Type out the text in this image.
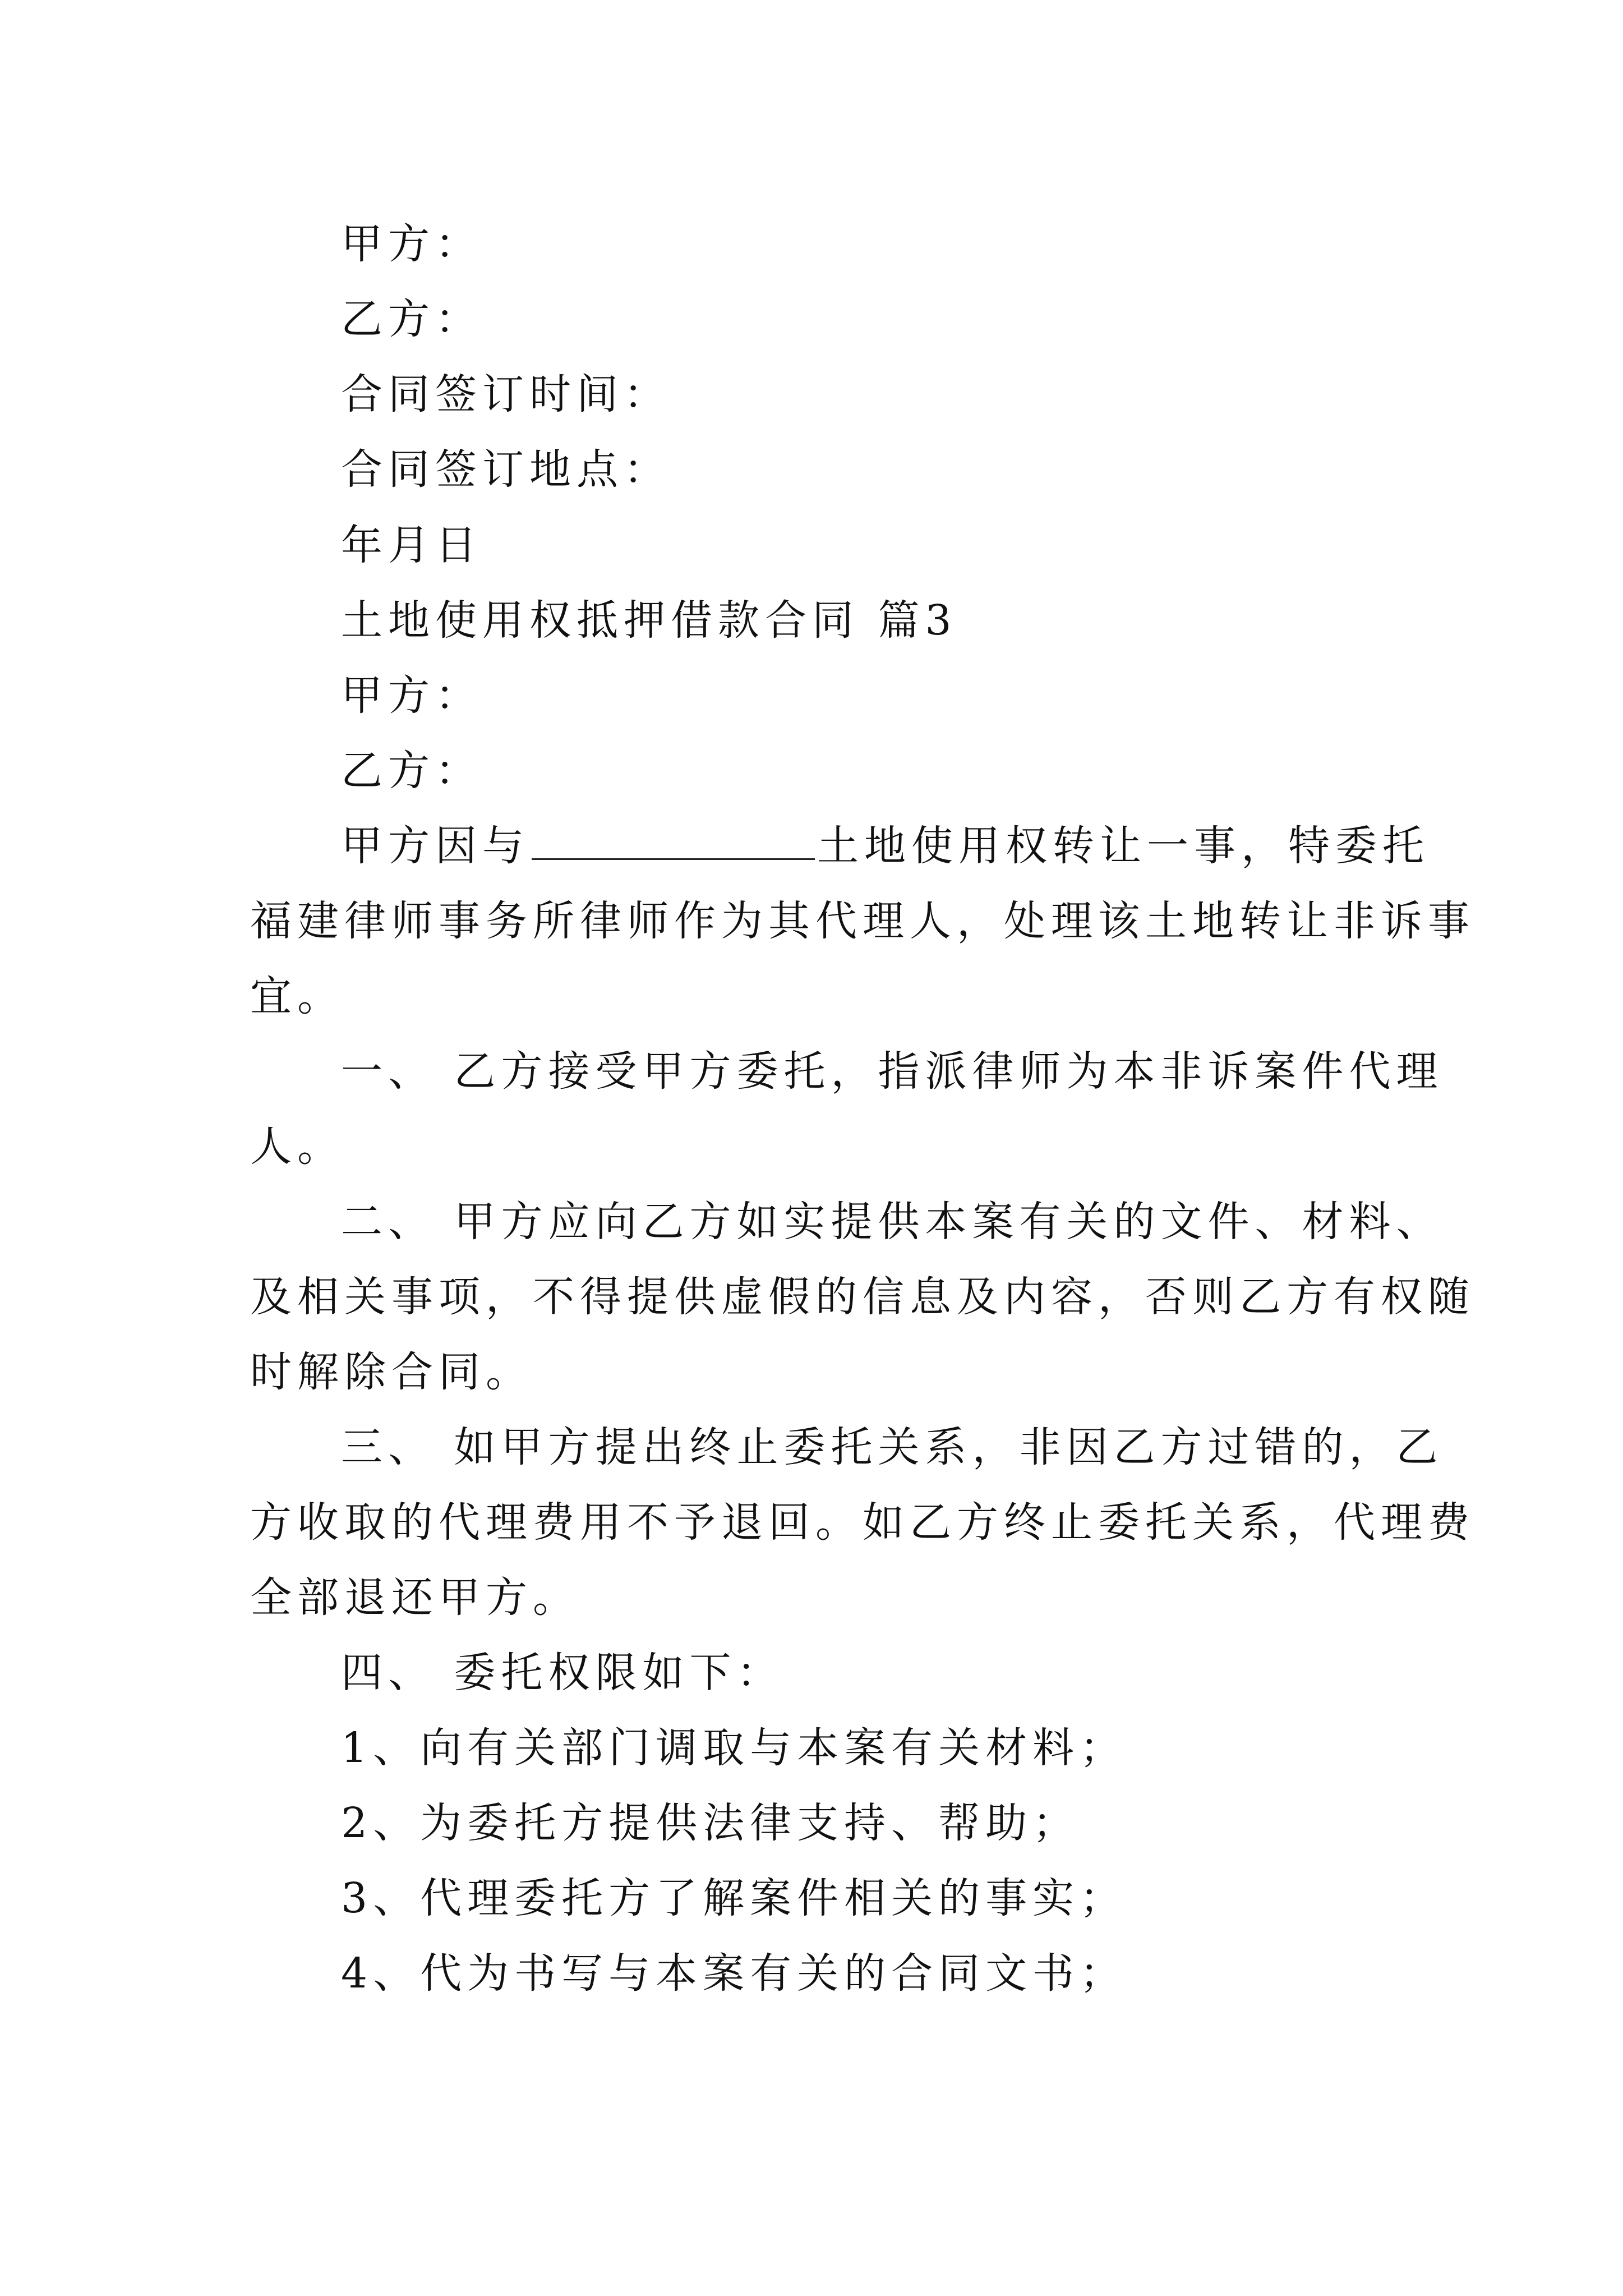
甲方：
乙方：
合同签订时间：
合同签订地点：
年月日
土地使用权抵押借款合同 篇3
甲方：
乙方：
甲方因与	土地使用权转让一事，特委托
福建律师事务所律师作为其代理人，处理该土地转让非诉事
宜。
一、 乙方接受甲方委托，指派律师为本非诉案件代理
人。
二、 甲方应向乙方如实提供本案有关的文件、材料、
及相关事项，不得提供虚假的信息及内容，否则乙方有权随
时解除合同。
三、 如甲方提出终止委托关系，非因乙方过错的，乙
方收取的代理费用不予退回。如乙方终止委托关系，代理费
全部退还甲方。
四、 委托权限如下：
1、向有关部门调取与本案有关材料；
2、为委托方提供法律支持、帮助；
3、代理委托方了解案件相关的事实；
4、代为书写与本案有关的合同文书；
